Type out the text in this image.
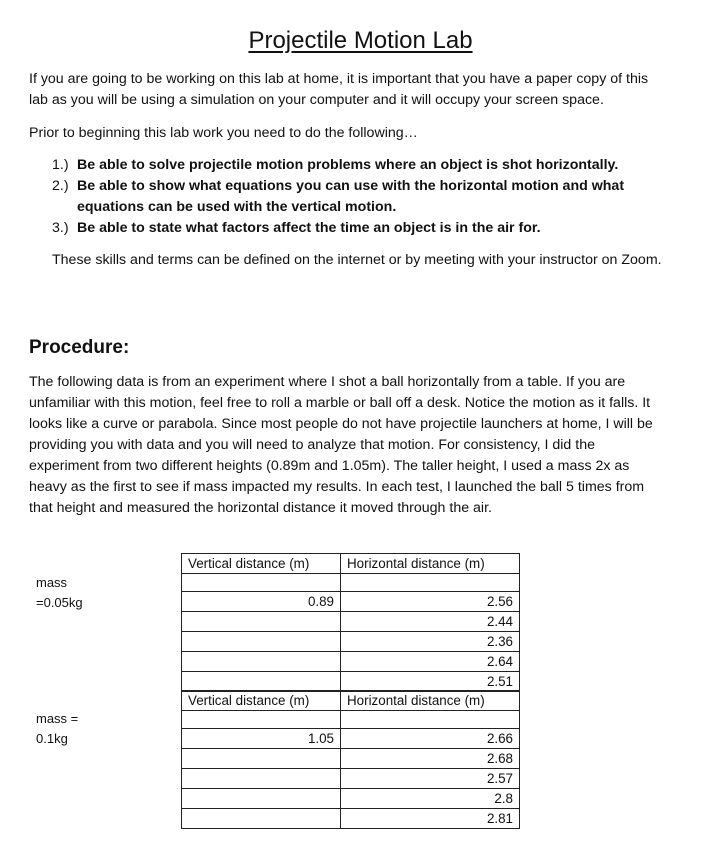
Projectile Motion Lab

If you are going to be working on this lab at home, it is important that you have a paper copy of this lab as you will be using a simulation on your computer and it will occupy your screen space.

Prior to beginning this lab work you need to do the following…

1.) Be able to solve projectile motion problems where an object is shot horizontally.
2.) Be able to show what equations you can use with the horizontal motion and what equations can be used with the vertical motion.
3.) Be able to state what factors affect the time an object is in the air for.

These skills and terms can be defined on the internet or by meeting with your instructor on Zoom.

Procedure:

The following data is from an experiment where I shot a ball horizontally from a table. If you are unfamiliar with this motion, feel free to roll a marble or ball off a desk. Notice the motion as it falls. It looks like a curve or parabola. Since most people do not have projectile launchers at home, I will be providing you with data and you will need to analyze that motion. For consistency, I did the experiment from two different heights (0.89m and 1.05m). The taller height, I used a mass 2x as heavy as the first to see if mass impacted my results. In each test, I launched the ball 5 times from that height and measured the horizontal distance it moved through the air.

mass
=0.05kg
Vertical distance (m)	Horizontal distance (m)

0.89	2.56
	2.44
	2.36
	2.64
	2.51
mass =
0.1kg
Vertical distance (m)	Horizontal distance (m)

1.05	2.66
	2.68
	2.57
	2.8
	2.81
